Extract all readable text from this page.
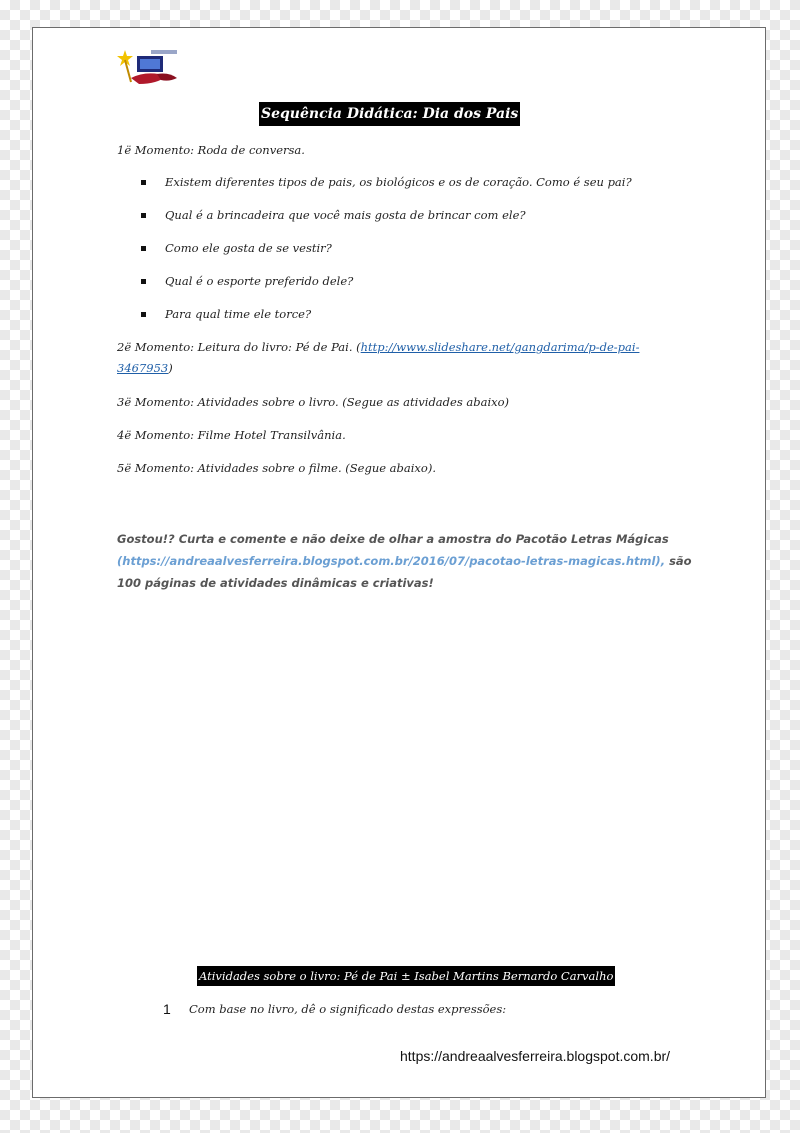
Sequência Didática: Dia dos Pais
1ë Momento: Roda de conversa.
Existem diferentes tipos de pais, os biológicos e os de coração. Como é seu pai?
Qual é a brincadeira que você mais gosta de brincar com ele?
Como ele gosta de se vestir?
Qual é o esporte preferido dele?
Para qual time ele torce?
2ë Momento: Leitura do livro: Pé de Pai. (http://www.slideshare.net/gangdarima/p-de-pai-
3467953)
3ë Momento: Atividades sobre o livro. (Segue as atividades abaixo)
4ë Momento: Filme Hotel Transilvânia.
5ë Momento: Atividades sobre o filme. (Segue abaixo).
Gostou!? Curta e comente e não deixe de olhar a amostra do Pacotão Letras Mágicas
(https://andreaalvesferreira.blogspot.com.br/2016/07/pacotao-letras-magicas.html), são
100 páginas de atividades dinâmicas e criativas!
Atividades sobre o livro: Pé de Pai ± Isabel Martins Bernardo Carvalho
1 Com base no livro, dê o significado destas expressões:
https://andreaalvesferreira.blogspot.com.br/
